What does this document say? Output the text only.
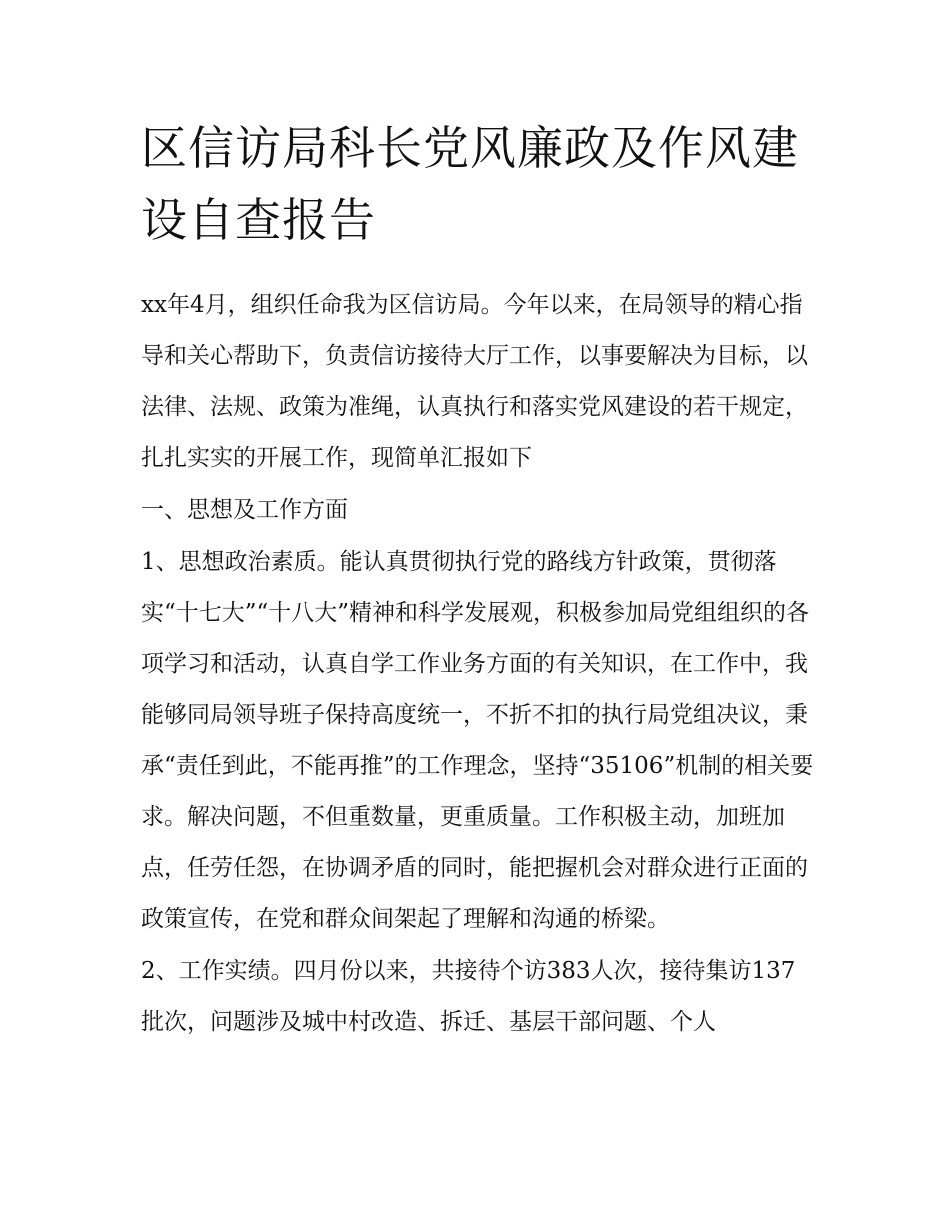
区信访局科长党风廉政及作风建设自查报告

xx年4月，组织任命我为区信访局。今年以来，在局领导的精心指导和关心帮助下，负责信访接待大厅工作，以事要解决为目标，以法律、法规、政策为准绳，认真执行和落实党风建设的若干规定，扎扎实实的开展工作，现简单汇报如下

一、思想及工作方面

1、思想政治素质。能认真贯彻执行党的路线方针政策，贯彻落实“十七大”“十八大”精神和科学发展观，积极参加局党组组织的各项学习和活动，认真自学工作业务方面的有关知识，在工作中，我能够同局领导班子保持高度统一，不折不扣的执行局党组决议，秉承“责任到此，不能再推”的工作理念，坚持“35106”机制的相关要求。解决问题，不但重数量，更重质量。工作积极主动，加班加点，任劳任怨，在协调矛盾的同时，能把握机会对群众进行正面的政策宣传，在党和群众间架起了理解和沟通的桥梁。

2、工作实绩。四月份以来，共接待个访383人次，接待集访137批次，问题涉及城中村改造、拆迁、基层干部问题、个人
